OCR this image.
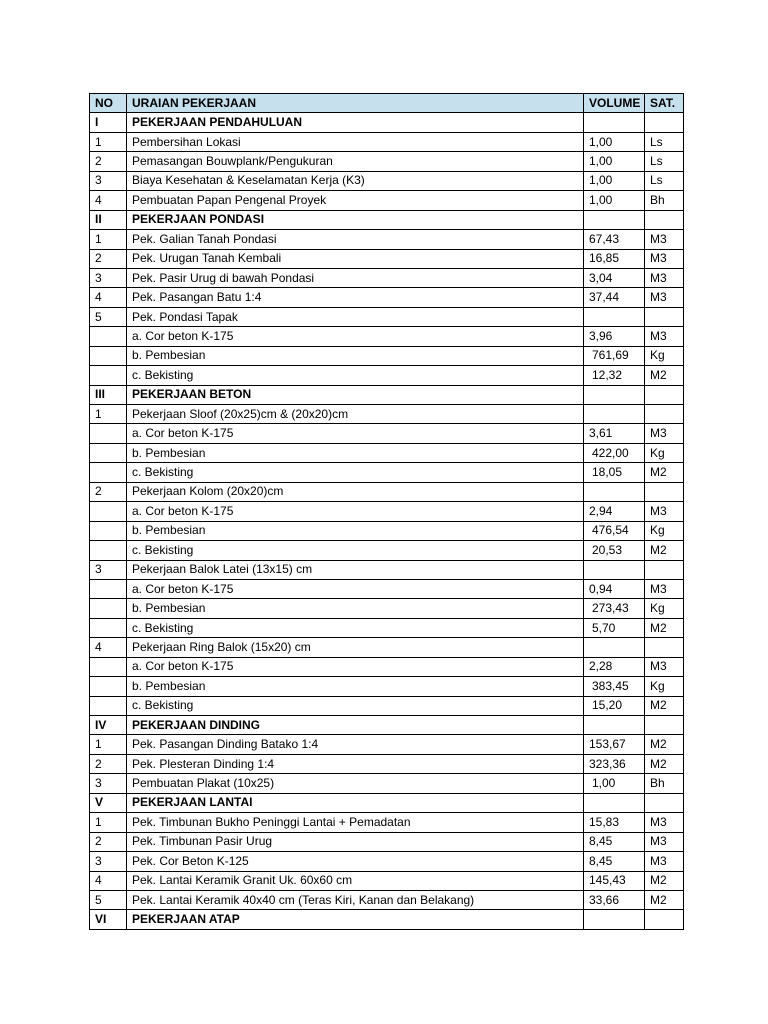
NO	URAIAN PEKERJAAN	VOLUME	SAT.
I	PEKERJAAN PENDAHULUAN		
1	Pembersihan Lokasi	1,00	Ls
2	Pemasangan Bouwplank/Pengukuran	1,00	Ls
3	Biaya Kesehatan & Keselamatan Kerja (K3)	1,00	Ls
4	Pembuatan Papan Pengenal Proyek	1,00	Bh
II	PEKERJAAN PONDASI		
1	Pek. Galian Tanah Pondasi	67,43	M3
2	Pek. Urugan Tanah Kembali	16,85	M3
3	Pek. Pasir Urug di bawah Pondasi	3,04	M3
4	Pek. Pasangan Batu 1:4	37,44	M3
5	Pek. Pondasi Tapak		
	a. Cor beton K-175	3,96	M3
	b. Pembesian	761,69	Kg
	c. Bekisting	12,32	M2
III	PEKERJAAN BETON		
1	Pekerjaan Sloof (20x25)cm & (20x20)cm		
	a. Cor beton K-175	3,61	M3
	b. Pembesian	422,00	Kg
	c. Bekisting	18,05	M2
2	Pekerjaan Kolom (20x20)cm		
	a. Cor beton K-175	2,94	M3
	b. Pembesian	476,54	Kg
	c. Bekisting	20,53	M2
3	Pekerjaan Balok Latei (13x15) cm		
	a. Cor beton K-175	0,94	M3
	b. Pembesian	273,43	Kg
	c. Bekisting	5,70	M2
4	Pekerjaan Ring Balok (15x20) cm		
	a. Cor beton K-175	2,28	M3
	b. Pembesian	383,45	Kg
	c. Bekisting	15,20	M2
IV	PEKERJAAN DINDING		
1	Pek. Pasangan Dinding Batako 1:4	153,67	M2
2	Pek. Plesteran Dinding 1:4	323,36	M2
3	Pembuatan Plakat (10x25)	1,00	Bh
V	PEKERJAAN LANTAI		
1	Pek. Timbunan Bukho Peninggi Lantai + Pemadatan	15,83	M3
2	Pek. Timbunan Pasir Urug	8,45	M3
3	Pek. Cor Beton K-125	8,45	M3
4	Pek. Lantai Keramik Granit Uk. 60x60 cm	145,43	M2
5	Pek. Lantai Keramik 40x40 cm (Teras Kiri, Kanan dan Belakang)	33,66	M2
VI	PEKERJAAN ATAP		
